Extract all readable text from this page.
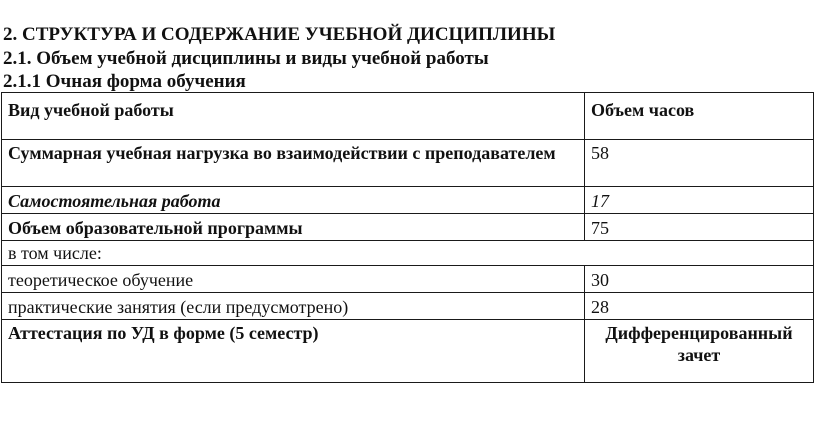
2. СТРУКТУРА И СОДЕРЖАНИЕ УЧЕБНОЙ ДИСЦИПЛИНЫ
2.1. Объем учебной дисциплины и виды учебной работы
2.1.1 Очная форма обучения
Вид учебной работы	Объем часов
Суммарная учебная нагрузка во взаимодействии с преподавателем	58
Самостоятельная работа	17
Объем образовательной программы	75
в том числе:	
теоретическое обучение	30
практические занятия (если предусмотрено)	28
Аттестация по УД в форме (5 семестр)	Дифференцированный зачет
